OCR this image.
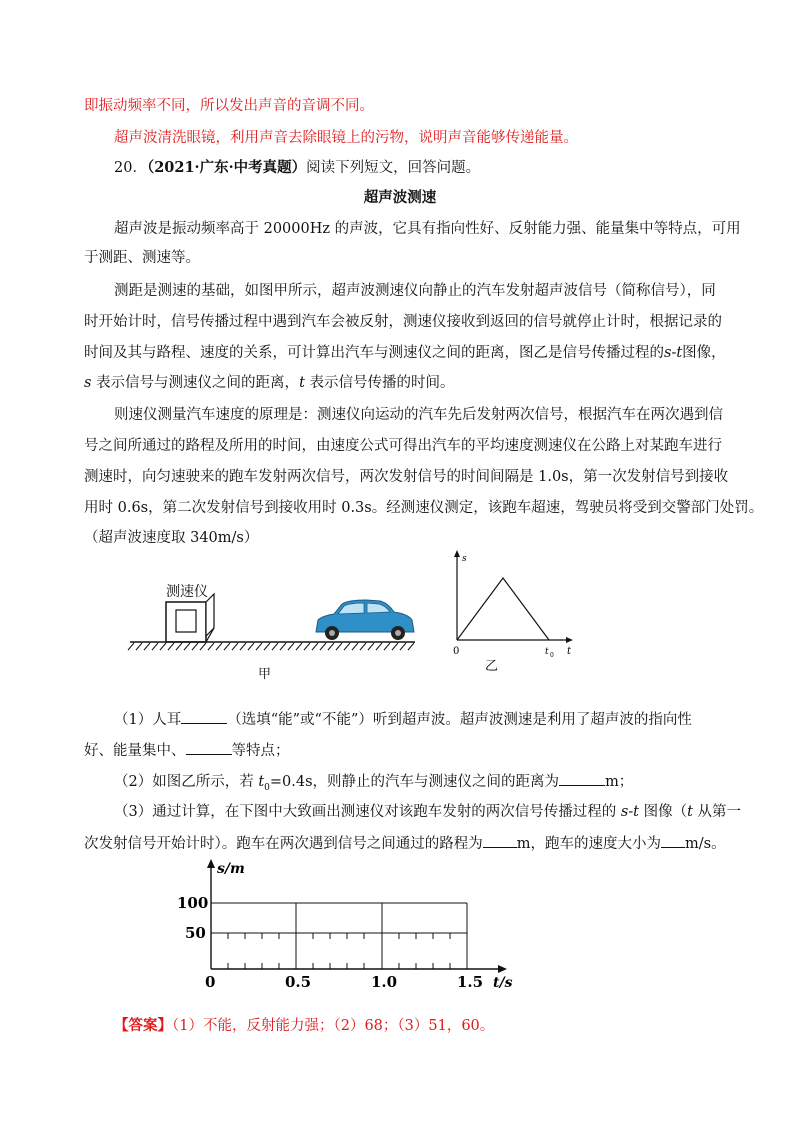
即振动频率不同，所以发出声音的音调不同。
超声波清洗眼镜，利用声音去除眼镜上的污物，说明声音能够传递能量。
20．（2021·广东·中考真题）阅读下列短文，回答问题。
超声波测速
超声波是振动频率高于 20000Hz 的声波，它具有指向性好、反射能力强、能量集中等特点，可用
于测距、测速等。
测距是测速的基础，如图甲所示，超声波测速仪向静止的汽车发射超声波信号（简称信号），同
时开始计时，信号传播过程中遇到汽车会被反射，测速仪接收到返回的信号就停止计时，根据记录的
时间及其与路程、速度的关系，可计算出汽车与测速仪之间的距离，图乙是信号传播过程的s-t图像，
s 表示信号与测速仪之间的距离，t 表示信号传播的时间。
则速仪测量汽车速度的原理是：测速仪向运动的汽车先后发射两次信号，根据汽车在两次遇到信
号之间所通过的路程及所用的时间，由速度公式可得出汽车的平均速度测速仪在公路上对某跑车进行
测速时，向匀速驶来的跑车发射两次信号，两次发射信号的时间间隔是 1.0s，第一次发射信号到接收
用时 0.6s，第二次发射信号到接收用时 0.3s。经测速仪测定，该跑车超速，驾驶员将受到交警部门处罚。
（超声波速度取 340m/s）
测速仪
甲
s
t
0	t 0
乙
（1）人耳	（选填“能”或“不能”）听到超声波。超声波测速是利用了超声波的指向性
好、能量集中、	等特点；
（2）如图乙所示，若 $t_0=0.4s$，则静止的汽车与测速仪之间的距离为	m；
（3）通过计算，在下图中大致画出测速仪对该跑车发射的两次信号传播过程的 s-t 图像（t 从第一
次发射信号开始计时）。跑车在两次遇到信号之间通过的路程为 m，跑车的速度大小为 m/s。
s/m
t/s
100
50
0	0.5	1.0	1.5
【答案】（1）不能，反射能力强；（2）68；（3）51，60。
